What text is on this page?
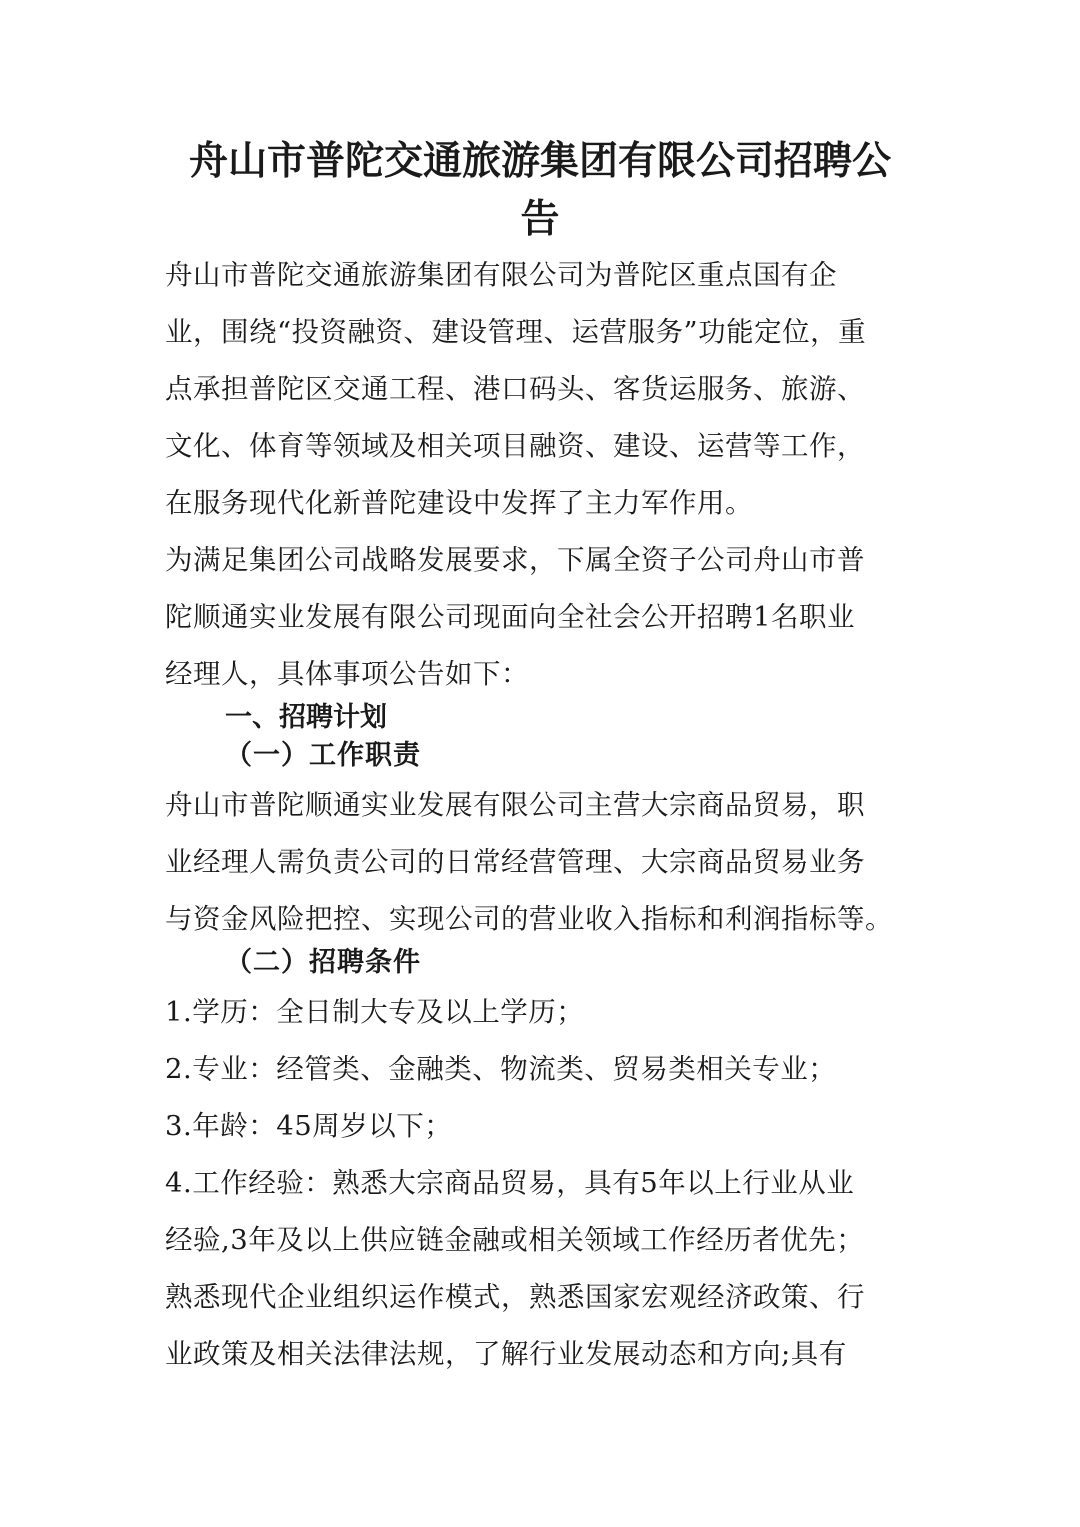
舟山市普陀交通旅游集团有限公司招聘公
告

舟山市普陀交通旅游集团有限公司为普陀区重点国有企

业，围绕“投资融资、建设管理、运营服务”功能定位，重

点承担普陀区交通工程、港口码头、客货运服务、旅游、

文化、体育等领域及相关项目融资、建设、运营等工作，

在服务现代化新普陀建设中发挥了主力军作用。

为满足集团公司战略发展要求，下属全资子公司舟山市普

陀顺通实业发展有限公司现面向全社会公开招聘1名职业

经理人，具体事项公告如下：

一、招聘计划
（一）工作职责

舟山市普陀顺通实业发展有限公司主营大宗商品贸易，职

业经理人需负责公司的日常经营管理、大宗商品贸易业务

与资金风险把控、实现公司的营业收入指标和利润指标等。

（二）招聘条件

1.学历：全日制大专及以上学历；

2.专业：经管类、金融类、物流类、贸易类相关专业；

3.年龄：45周岁以下；

4.工作经验：熟悉大宗商品贸易，具有5年以上行业从业

经验,3年及以上供应链金融或相关领域工作经历者优先；

熟悉现代企业组织运作模式，熟悉国家宏观经济政策、行

业政策及相关法律法规，了解行业发展动态和方向;具有
